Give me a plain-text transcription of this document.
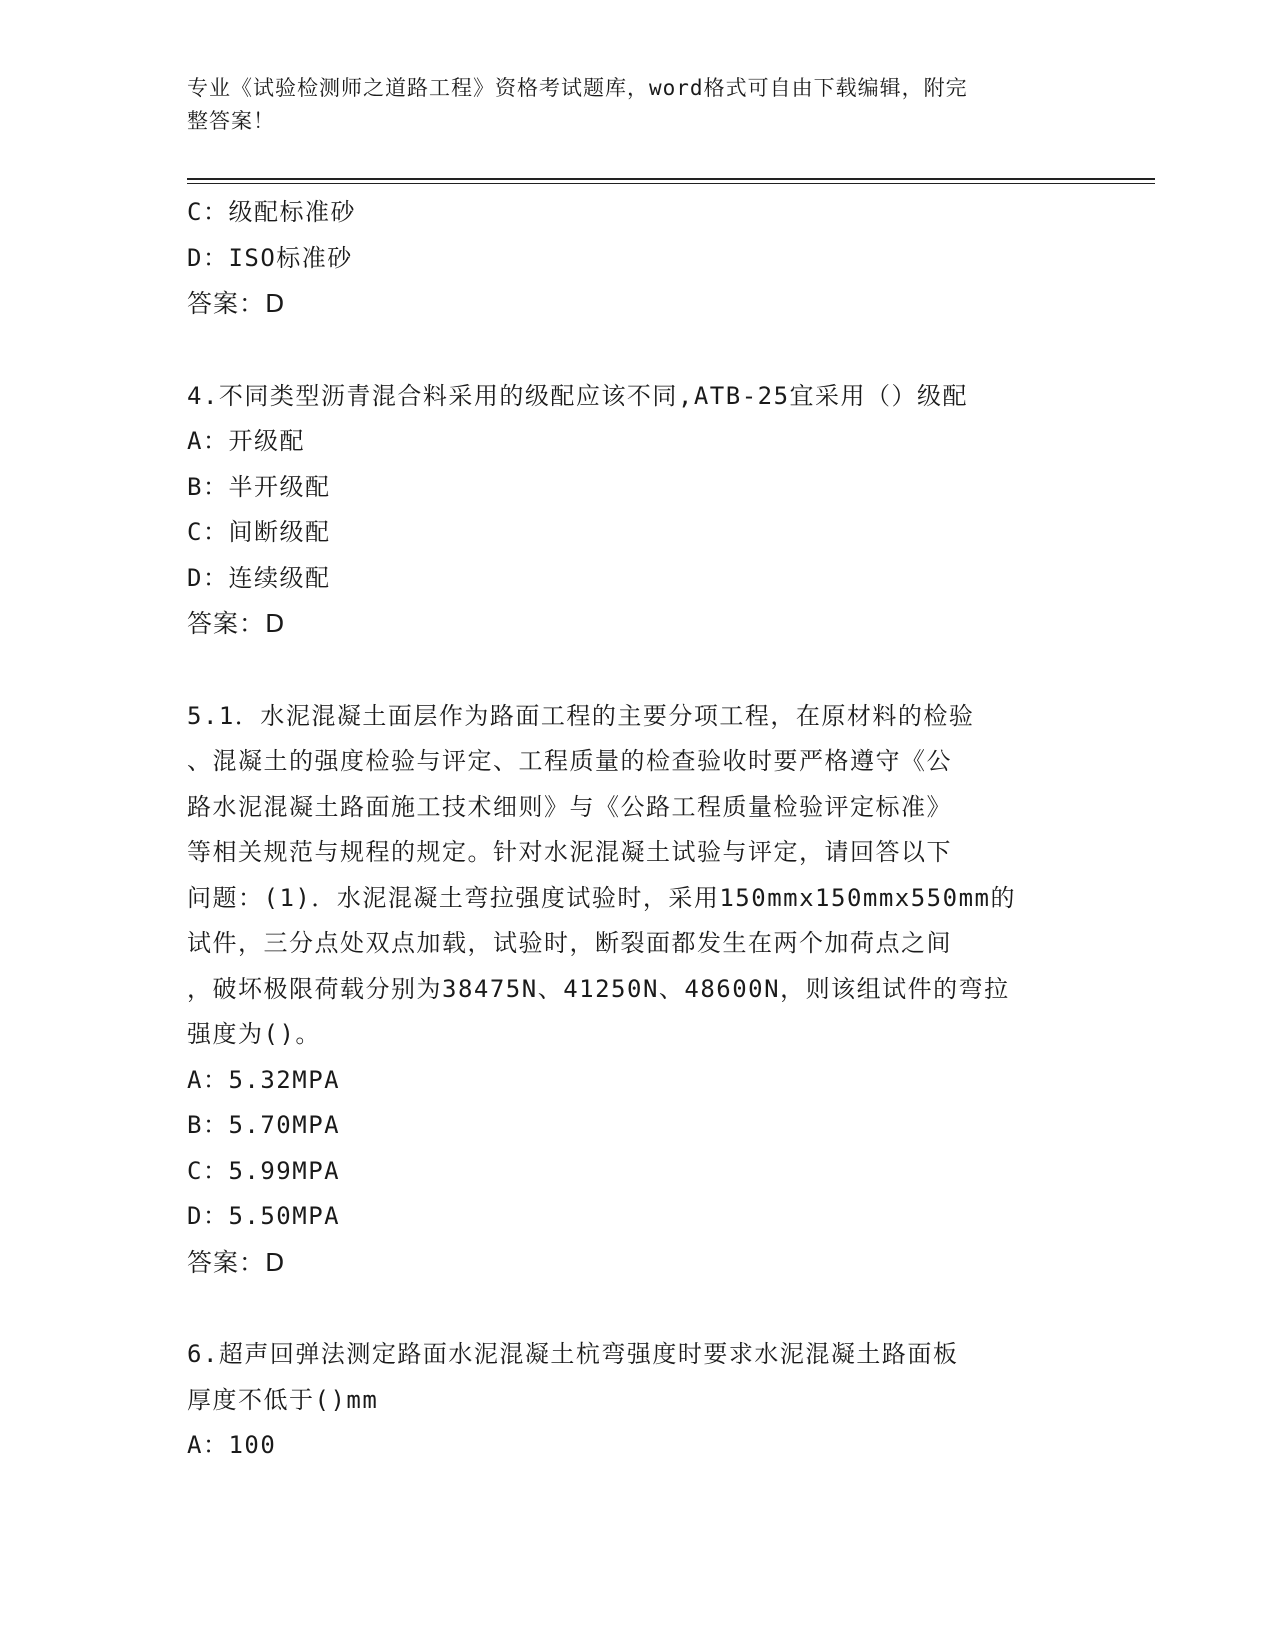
专业《试验检测师之道路工程》资格考试题库，word格式可自由下载编辑，附完
整答案！
C：级配标准砂
D：ISO标准砂
答案：D
4.不同类型沥青混合料采用的级配应该不同,ATB-25宜采用（）级配
A：开级配
B：半开级配
C：间断级配
D：连续级配
答案：D
5.1．水泥混凝土面层作为路面工程的主要分项工程，在原材料的检验
、混凝土的强度检验与评定、工程质量的检查验收时要严格遵守《公
路水泥混凝土路面施工技术细则》与《公路工程质量检验评定标准》
等相关规范与规程的规定。针对水泥混凝土试验与评定，请回答以下
问题：(1)．水泥混凝土弯拉强度试验时，采用150mmx150mmx550mm的
试件，三分点处双点加载，试验时，断裂面都发生在两个加荷点之间
，破坏极限荷载分别为38475N、41250N、48600N，则该组试件的弯拉
强度为()。
A：5.32MPA
B：5.70MPA
C：5.99MPA
D：5.50MPA
答案：D
6.超声回弹法测定路面水泥混凝土杭弯强度时要求水泥混凝土路面板
厚度不低于()mm
A：100
